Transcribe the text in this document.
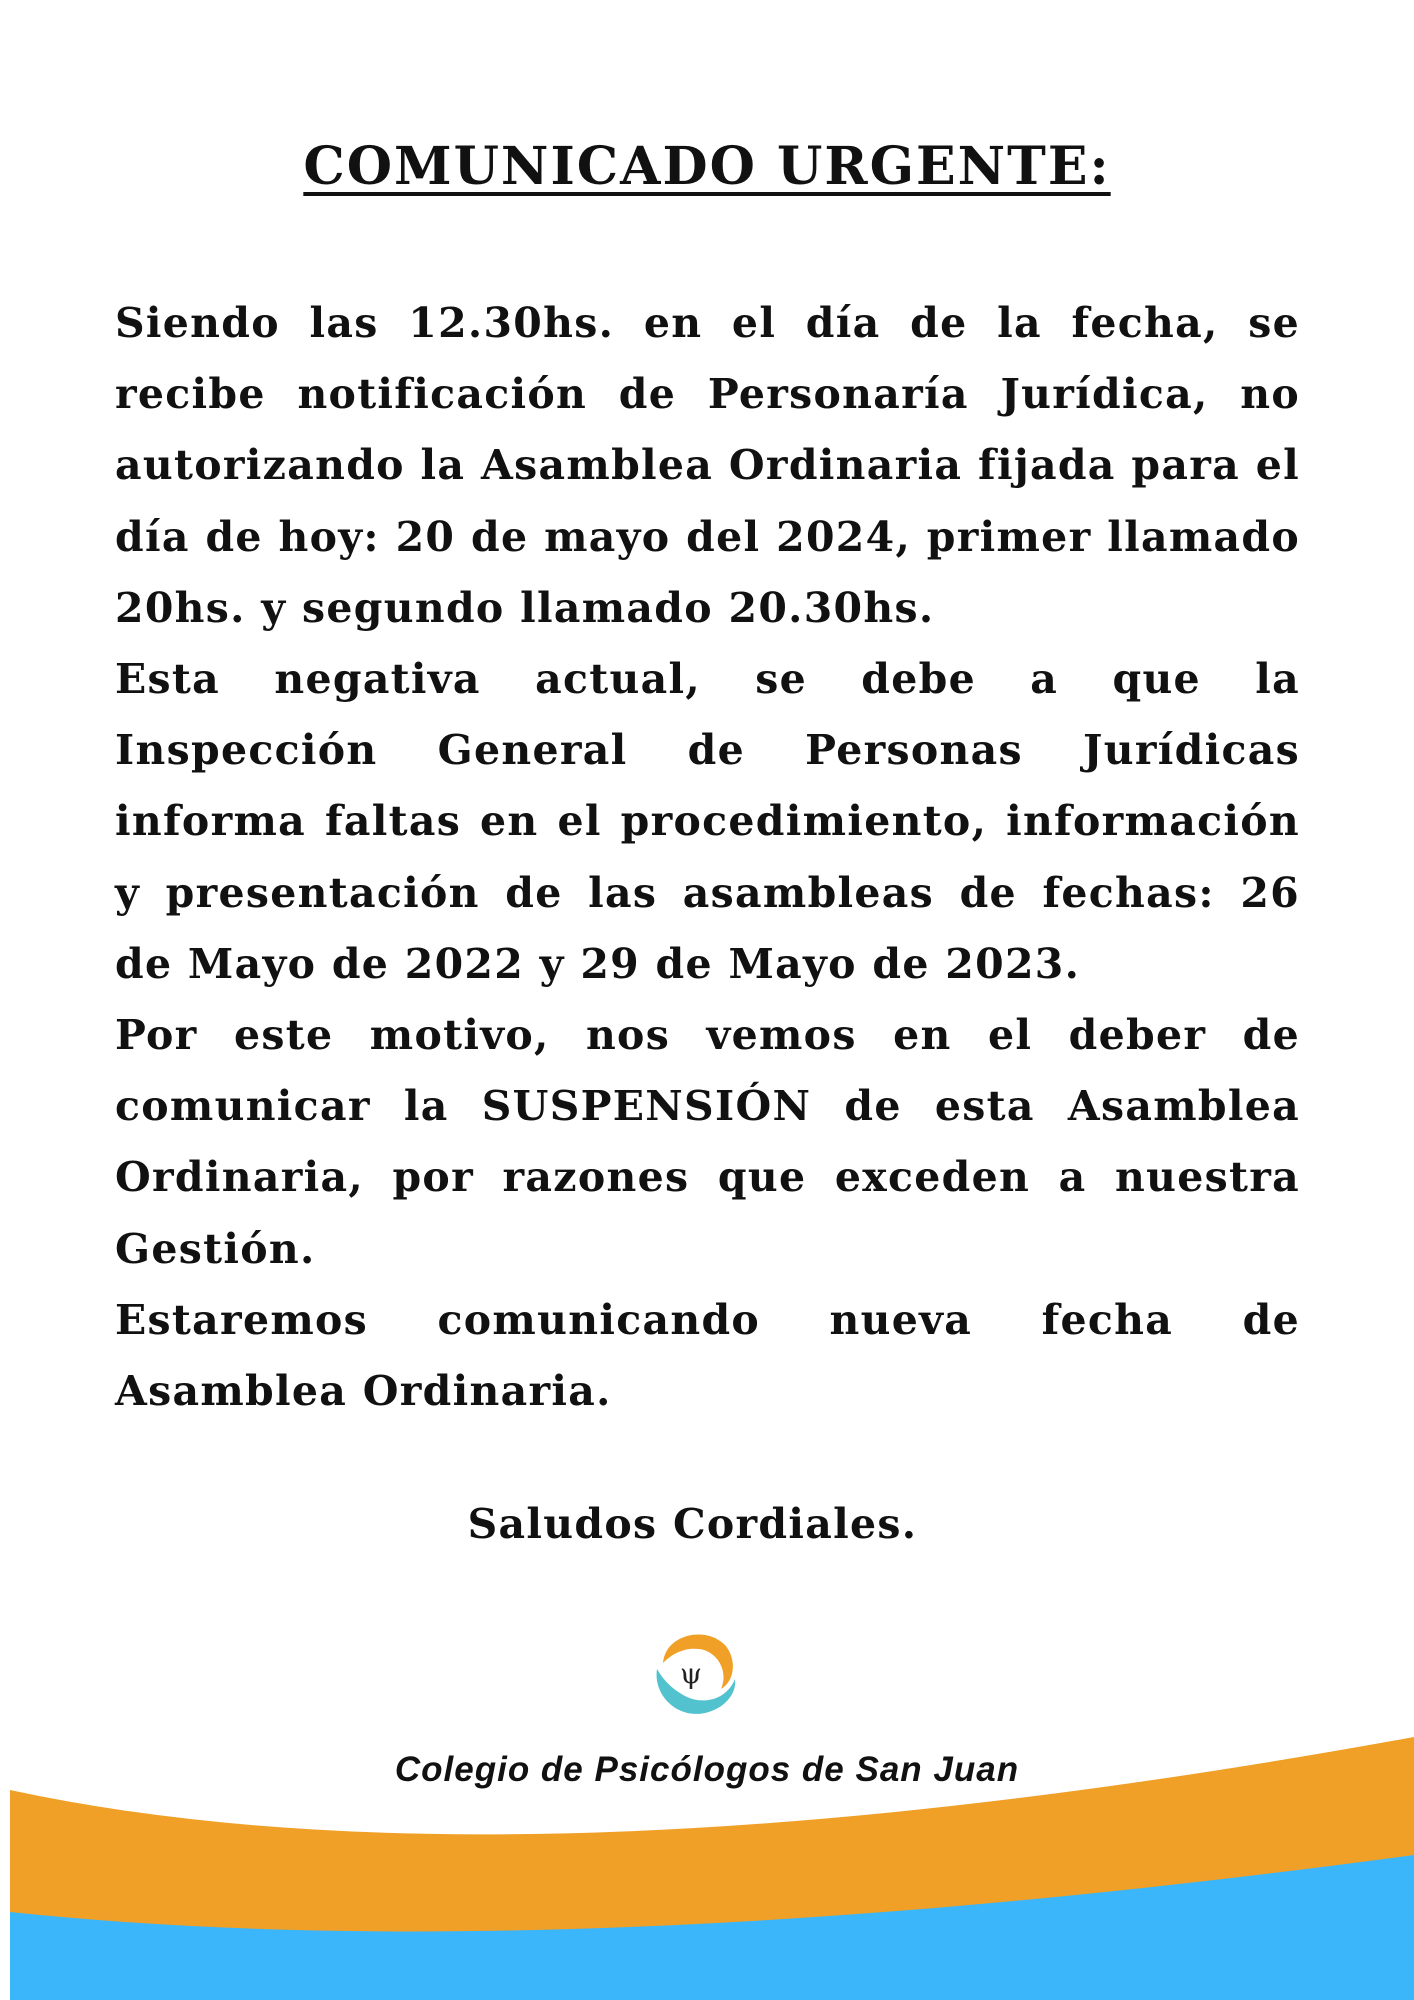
COMUNICADO URGENTE:

Siendo las 12.30hs. en el día de la fecha, se recibe notificación de Personaría Jurídica, no autorizando la Asamblea Ordinaria fijada para el día de hoy: 20 de mayo del 2024, primer llamado 20hs. y segundo llamado 20.30hs.

Esta negativa actual, se debe a que la Inspección General de Personas Jurídicas informa faltas en el procedimiento, información y presentación de las asambleas de fechas: 26 de Mayo de 2022 y 29 de Mayo de 2023.

Por este motivo, nos vemos en el deber de comunicar la SUSPENSIÓN de esta Asamblea Ordinaria, por razones que exceden a nuestra Gestión.

Estaremos comunicando nueva fecha de Asamblea Ordinaria.

Saludos Cordiales.

ψ

Colegio de Psicólogos de San Juan
